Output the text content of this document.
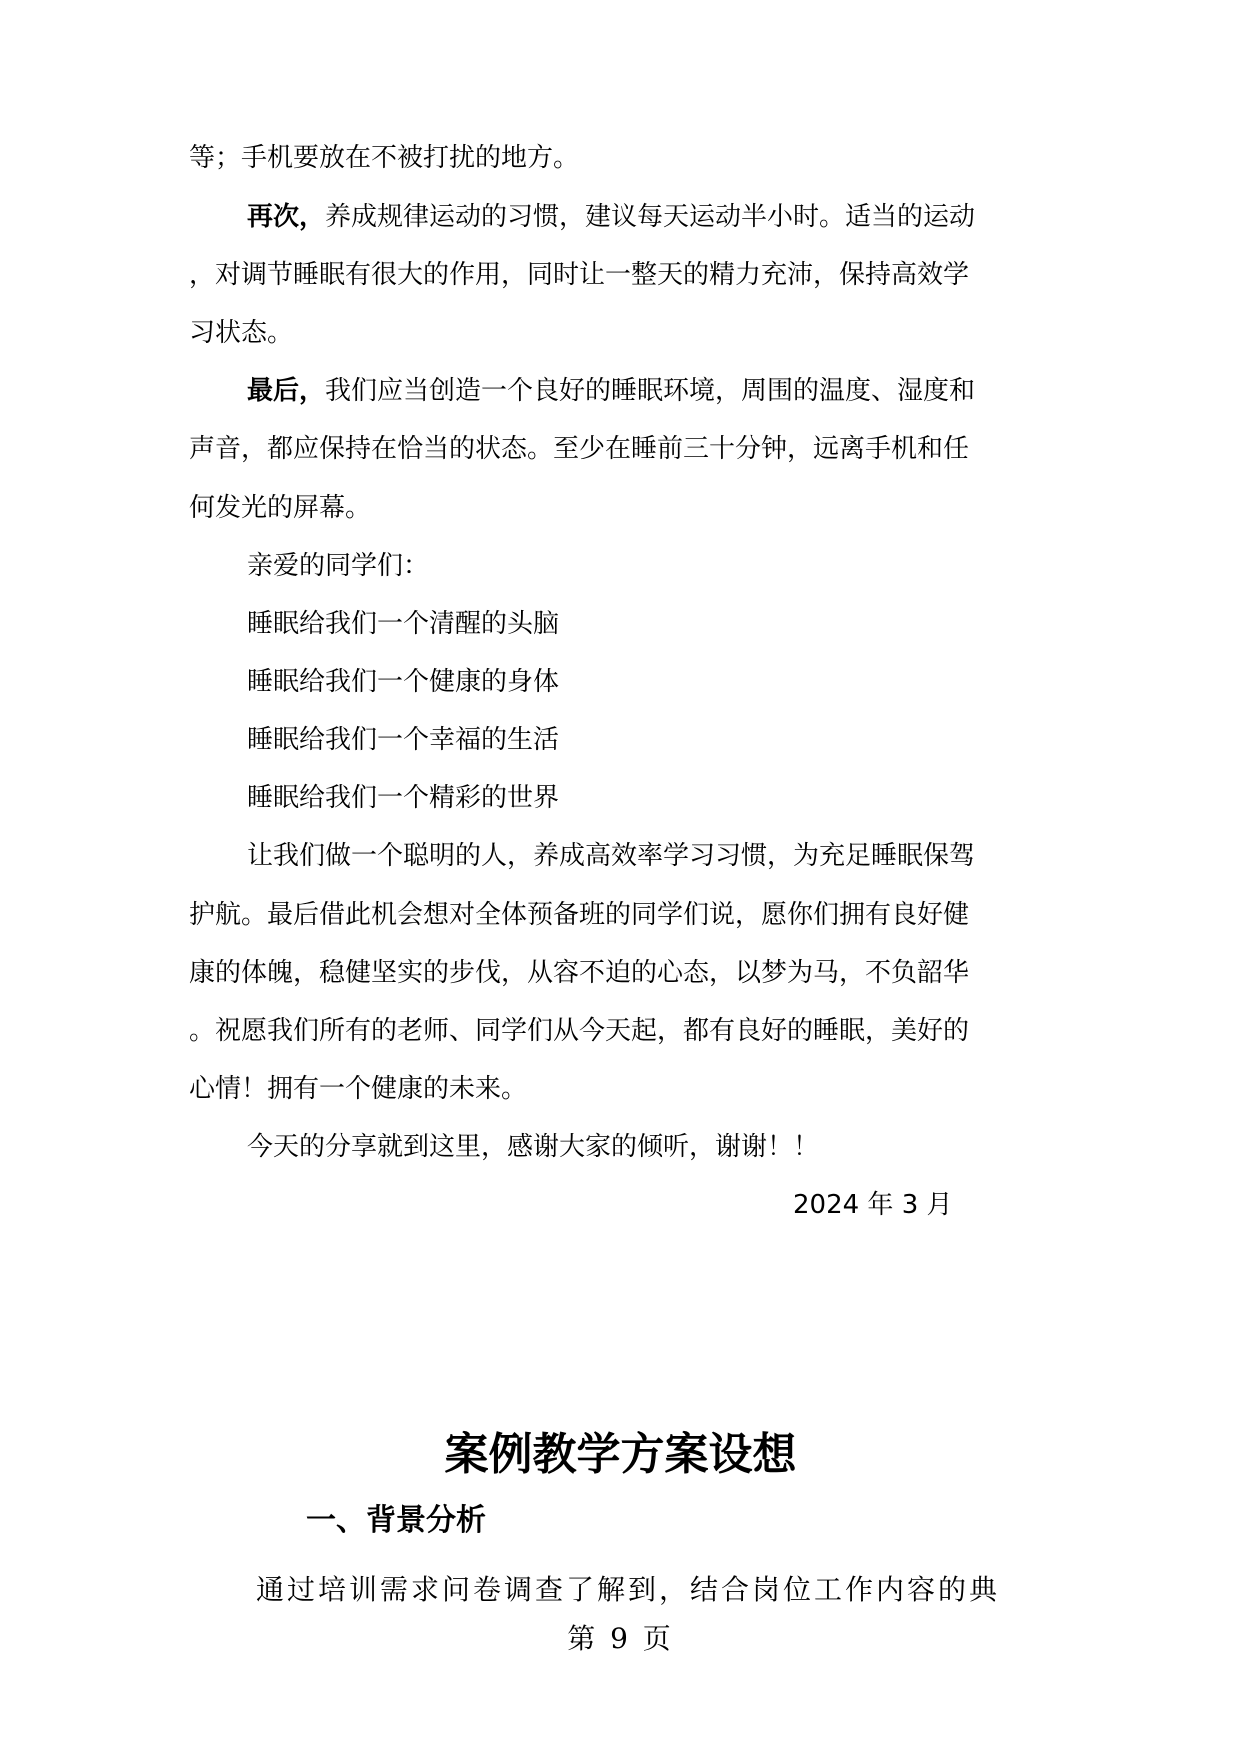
等；手机要放在不被打扰的地方。

再次，养成规律运动的习惯，建议每天运动半小时。适当的运动

，对调节睡眠有很大的作用，同时让一整天的精力充沛，保持高效学

习状态。

最后，我们应当创造一个良好的睡眠环境，周围的温度、湿度和

声音，都应保持在恰当的状态。至少在睡前三十分钟，远离手机和任

何发光的屏幕。

亲爱的同学们：

睡眠给我们一个清醒的头脑

睡眠给我们一个健康的身体

睡眠给我们一个幸福的生活

睡眠给我们一个精彩的世界

让我们做一个聪明的人，养成高效率学习习惯，为充足睡眠保驾

护航。最后借此机会想对全体预备班的同学们说，愿你们拥有良好健

康的体魄，稳健坚实的步伐，从容不迫的心态，以梦为马，不负韶华

。祝愿我们所有的老师、同学们从今天起，都有良好的睡眠，美好的

心情！拥有一个健康的未来。

今天的分享就到这里，感谢大家的倾听，谢谢！！

2024 年 3 月

案例教学方案设想
一、背景分析

通过培训需求问卷调查了解到，结合岗位工作内容的典

第 9 页
